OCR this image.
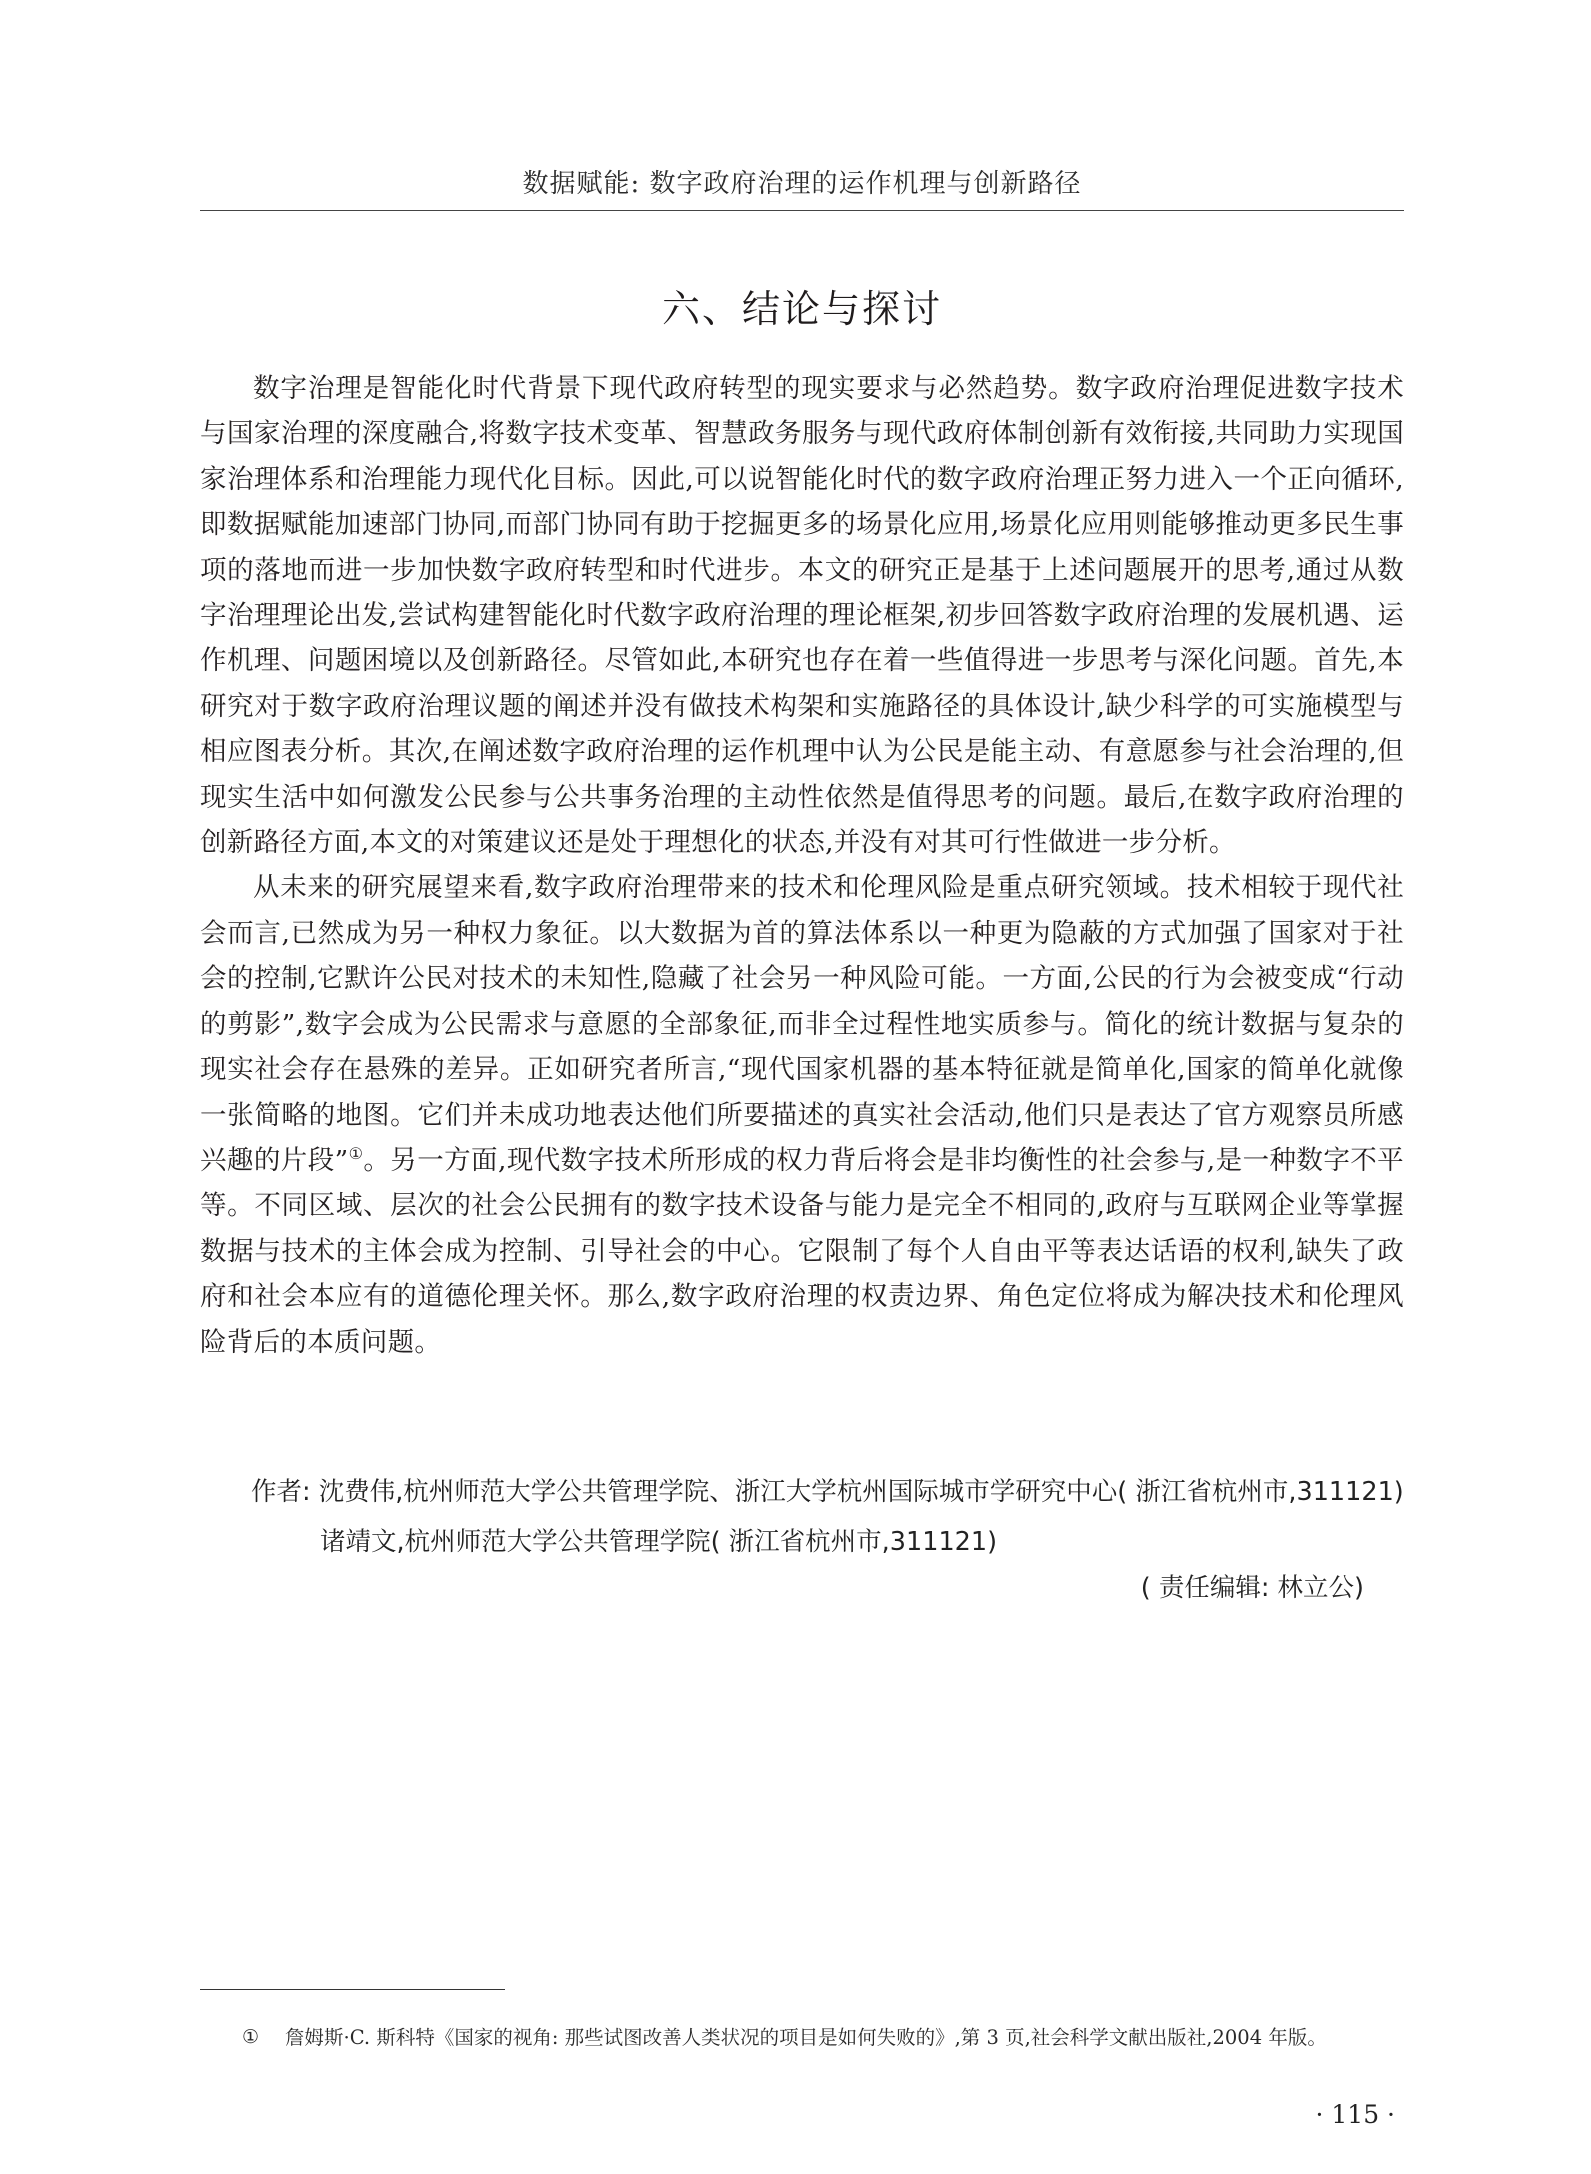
数据赋能: 数字政府治理的运作机理与创新路径
六、结论与探讨

数字治理是智能化时代背景下现代政府转型的现实要求与必然趋势。数字政府治理促进数字技术与国家治理的深度融合,将数字技术变革、智慧政务服务与现代政府体制创新有效衔接,共同助力实现国家治理体系和治理能力现代化目标。因此,可以说智能化时代的数字政府治理正努力进入一个正向循环,即数据赋能加速部门协同,而部门协同有助于挖掘更多的场景化应用,场景化应用则能够推动更多民生事项的落地而进一步加快数字政府转型和时代进步。本文的研究正是基于上述问题展开的思考,通过从数字治理理论出发,尝试构建智能化时代数字政府治理的理论框架,初步回答数字政府治理的发展机遇、运作机理、问题困境以及创新路径。尽管如此,本研究也存在着一些值得进一步思考与深化问题。首先,本研究对于数字政府治理议题的阐述并没有做技术构架和实施路径的具体设计,缺少科学的可实施模型与相应图表分析。其次,在阐述数字政府治理的运作机理中认为公民是能主动、有意愿参与社会治理的,但现实生活中如何激发公民参与公共事务治理的主动性依然是值得思考的问题。最后,在数字政府治理的创新路径方面,本文的对策建议还是处于理想化的状态,并没有对其可行性做进一步分析。

从未来的研究展望来看,数字政府治理带来的技术和伦理风险是重点研究领域。技术相较于现代社会而言,已然成为另一种权力象征。以大数据为首的算法体系以一种更为隐蔽的方式加强了国家对于社会的控制,它默许公民对技术的未知性,隐藏了社会另一种风险可能。一方面,公民的行为会被变成“行动的剪影”,数字会成为公民需求与意愿的全部象征,而非全过程性地实质参与。简化的统计数据与复杂的现实社会存在悬殊的差异。正如研究者所言,“现代国家机器的基本特征就是简单化,国家的简单化就像一张简略的地图。它们并未成功地表达他们所要描述的真实社会活动,他们只是表达了官方观察员所感兴趣的片段”①。另一方面,现代数字技术所形成的权力背后将会是非均衡性的社会参与,是一种数字不平等。不同区域、层次的社会公民拥有的数字技术设备与能力是完全不相同的,政府与互联网企业等掌握数据与技术的主体会成为控制、引导社会的中心。它限制了每个人自由平等表达话语的权利,缺失了政府和社会本应有的道德伦理关怀。那么,数字政府治理的权责边界、角色定位将成为解决技术和伦理风险背后的本质问题。

作者: 沈费伟,杭州师范大学公共管理学院、浙江大学杭州国际城市学研究中心( 浙江省杭州市,311121)

诸靖文,杭州师范大学公共管理学院( 浙江省杭州市,311121)

( 责任编辑: 林立公)

① 詹姆斯·C. 斯科特《国家的视角: 那些试图改善人类状况的项目是如何失败的》,第 3 页,社会科学文献出版社,2004 年版。

· 115 ·
